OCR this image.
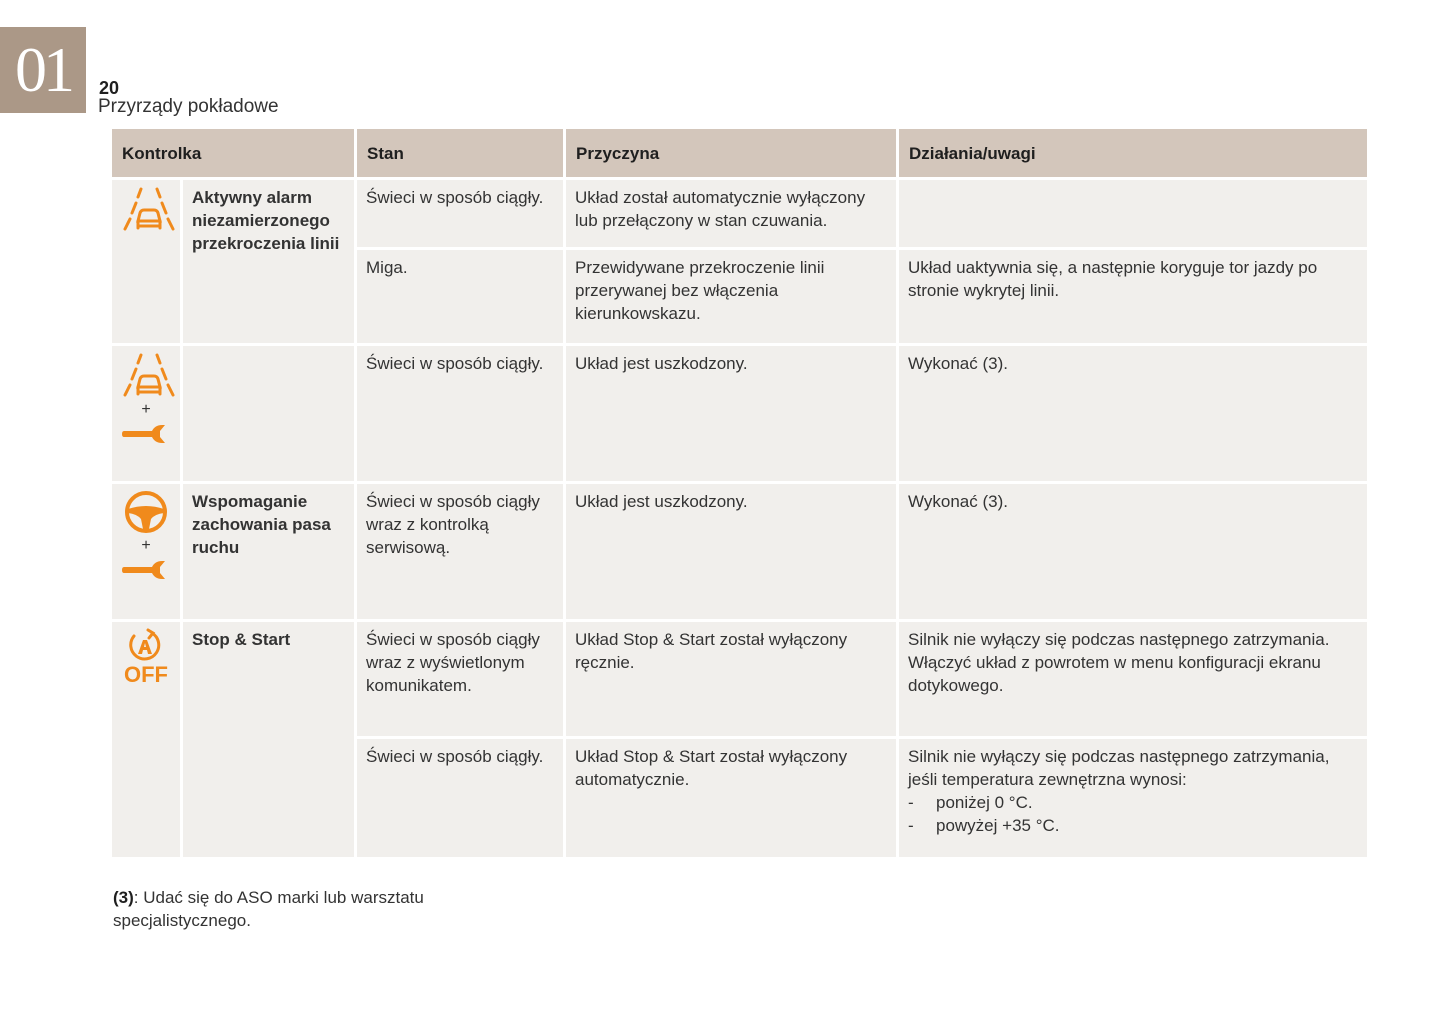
01 20
Przyrządy pokładowe
Kontrolka		Stan	Przyczyna	Działania/uwagi

	Aktywny alarm niezamierzonego przekroczenia linii	Świeci w sposób ciągły.	Układ został automatycznie wyłączony lub przełączony w stan czuwania.	
		Miga.	Przewidywane przekroczenie linii przerywanej bez włączenia kierunkowskazu.	Układ uaktywnia się, a następnie koryguje tor jazdy po stronie wykrytej linii.

+		Świeci w sposób ciągły.	Układ jest uszkodzony.	Wykonać (3).

+	Wspomaganie zachowania pasa ruchu	Świeci w sposób ciągły wraz z kontrolką serwisową.	Układ jest uszkodzony.	Wykonać (3).

OFF	Stop & Start	Świeci w sposób ciągły wraz z wyświetlonym komunikatem.	Układ Stop & Start został wyłączony ręcznie.	Silnik nie wyłączy się podczas następnego zatrzymania. Włączyć układ z powrotem w menu konfiguracji ekranu dotykowego.
		Świeci w sposób ciągły.	Układ Stop & Start został wyłączony automatycznie.	Silnik nie wyłączy się podczas następnego zatrzymania, jeśli temperatura zewnętrzna wynosi:
- poniżej 0 °C.
- powyżej +35 °C.
(3): Udać się do ASO marki lub warsztatu specjalistycznego.
